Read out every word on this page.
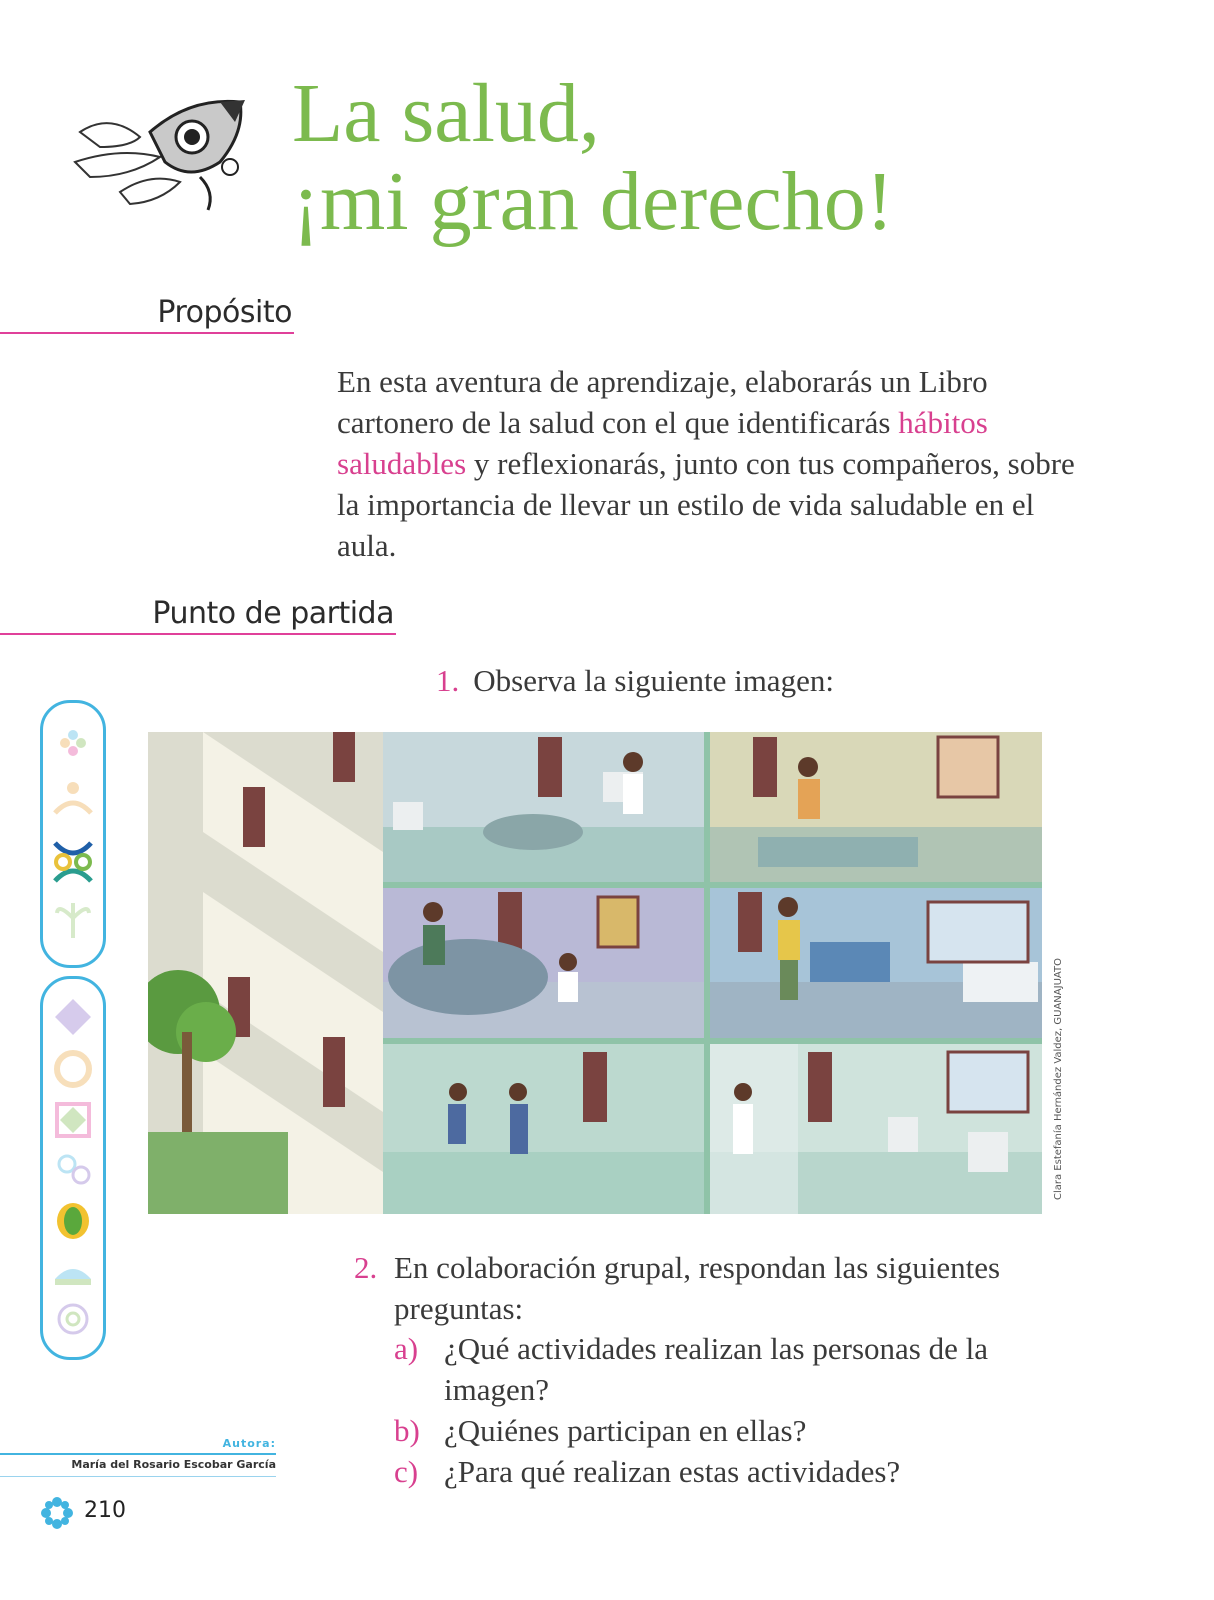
La salud,
¡mi gran derecho!
Propósito

En esta aventura de aprendizaje, elaborarás un Libro cartonero de la salud con el que identificarás hábitos saludables y reflexionarás, junto con tus compañeros, sobre la importancia de llevar un estilo de vida saludable en el aula.

Punto de partida

1. Observa la siguiente imagen:

Clara Estefanía Hernández Valdez, GUANAJUATO

2. En colaboración grupal, respondan las siguientes preguntas:

a) ¿Qué actividades realizan las personas de la imagen?
b) ¿Quiénes participan en ellas?
c) ¿Para qué realizan estas actividades?
Autora:
María del Rosario Escobar García
210
